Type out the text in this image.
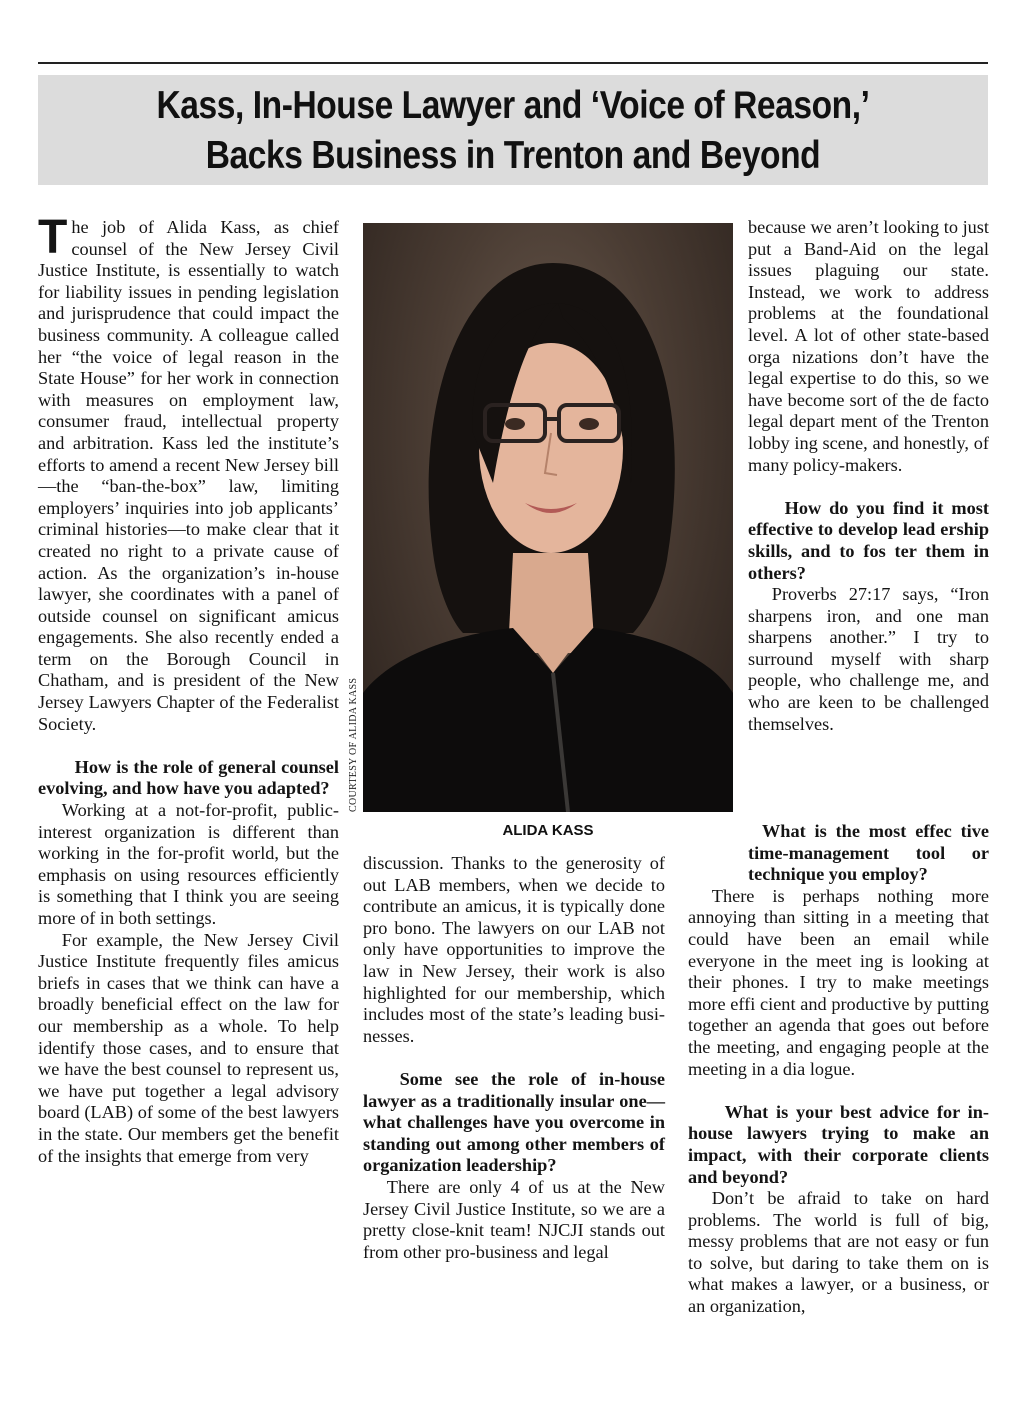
Kass, In-House Lawyer and ‘Voice of Reason,’
Backs Business in Trenton and Beyond

The job of Alida Kass, as chief counsel of the New Jersey Civil Justice Institute, is essentially to watch for liability issues in pending legislation and jurisprudence that could impact the business community. A colleague called her “the voice of legal reason in the State House” for her work in connection with measures on employment law, consumer fraud, intellectual property and arbitration. Kass led the institute’s efforts to amend a recent New Jersey bill—the “ban-the-box” law, limiting employers’ inquiries into job applicants’ criminal histories—to make clear that it created no right to a private cause of action. As the organization’s in-house lawyer, she coordinates with a panel of outside counsel on significant amicus engagements. She also recently ended a term on the Borough Council in Chatham, and is president of the New Jersey Lawyers Chapter of the Federalist Society.

How is the role of general counsel evolving, and how have you adapted?

Working at a not-for-profit, public-interest organization is different than working in the for-profit world, but the emphasis on using resources efficiently is something that I think you are seeing more of in both settings.

For example, the New Jersey Civil Justice Institute frequently files amicus briefs in cases that we think can have a broadly beneficial effect on the law for our membership as a whole. To help identify those cases, and to ensure that we have the best counsel to represent us, we have put together a legal advisory board (LAB) of some of the best lawyers in the state. Our members get the benefit of the insights that emerge from very

COURTESY OF ALIDA KASS
ALIDA KASS

discussion. Thanks to the generosity of out LAB members, when we decide to contribute an amicus, it is typically done pro bono. The lawyers on our LAB not only have opportunities to improve the law in New Jersey, their work is also highlighted for our membership, which includes most of the state’s leading businesses.

Some see the role of in-house lawyer as a traditionally insular one—what challenges have you overcome in standing out among other members of organization leadership?

There are only 4 of us at the New Jersey Civil Justice Institute, so we are a pretty close-knit team! NJCJI stands out from other pro-business and legal

because we aren’t looking to just put a Band-Aid on the legal issues plaguing our state. Instead, we work to address problems at the foundational level. A lot of other state-based orga nizations don’t have the legal expertise to do this, so we have become sort of the de facto legal depart ment of the Trenton lobby ing scene, and honestly, of many policy-makers.

How do you find it most effective to develop lead ership skills, and to fos ter them in others?

Proverbs 27:17 says, “Iron sharpens iron, and one man sharpens another.” I try to surround myself with sharp people, who challenge me, and who are keen to be challenged themselves.

What is the most effec tive time-management tool or technique you employ?

There is perhaps nothing more annoying than sitting in a meeting that could have been an email while everyone in the meet ing is looking at their phones. I try to make meetings more effi cient and productive by putting together an agenda that goes out before the meeting, and engaging people at the meeting in a dia logue.

What is your best advice for in-house lawyers trying to make an impact, with their corporate clients and beyond?

Don’t be afraid to take on hard problems. The world is full of big, messy problems that are not easy or fun to solve, but daring to take them on is what makes a lawyer, or a business, or an organization,
